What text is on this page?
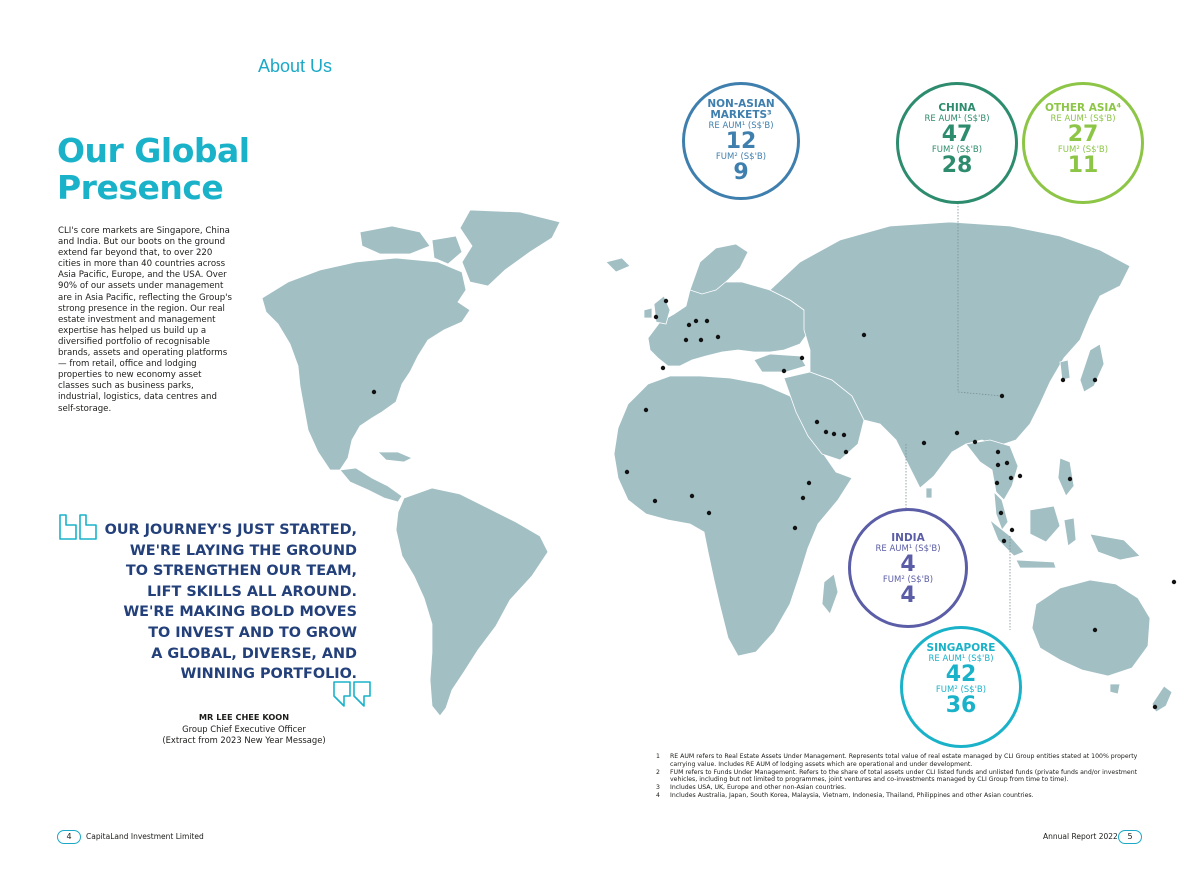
About Us
Our Global
Presence

CLI's core markets are Singapore, China and India. But our boots on the ground extend far beyond that, to over 220 cities in more than 40 countries across Asia Pacific, Europe, and the USA. Over 90% of our assets under management are in Asia Pacific, reflecting the Group's strong presence in the region. Our real estate investment and management expertise has helped us build up a diversified portfolio of recognisable brands, assets and operating platforms — from retail, office and lodging properties to new economy asset classes such as business parks, industrial, logistics, data centres and self-storage.

NON-ASIAN MARKETS³
RE AUM¹ (S$'B)
12
FUM² (S$'B)
9
CHINA
RE AUM¹ (S$'B)
47
FUM² (S$'B)
28
OTHER ASIA⁴
RE AUM¹ (S$'B)
27
FUM² (S$'B)
11
INDIA
RE AUM¹ (S$'B)
4
FUM² (S$'B)
4
SINGAPORE
RE AUM¹ (S$'B)
42
FUM² (S$'B)
36
OUR JOURNEY'S JUST STARTED,
WE'RE LAYING THE GROUND
TO STRENGTHEN OUR TEAM,
LIFT SKILLS ALL AROUND.
WE'RE MAKING BOLD MOVES
TO INVEST AND TO GROW
A GLOBAL, DIVERSE, AND
WINNING PORTFOLIO.
MR LEE CHEE KOON
Group Chief Executive Officer
(Extract from 2023 New Year Message)
1	RE AUM refers to Real Estate Assets Under Management. Represents total value of real estate managed by CLI Group entities stated at 100% property carrying value. Includes RE AUM of lodging assets which are operational and under development.
2	FUM refers to Funds Under Management. Refers to the share of total assets under CLI listed funds and unlisted funds (private funds and/or investment vehicles, including but not limited to programmes, joint ventures and co-investments managed by CLI Group from time to time).
3	Includes USA, UK, Europe and other non-Asian countries.
4	Includes Australia, Japan, South Korea, Malaysia, Vietnam, Indonesia, Thailand, Philippines and other Asian countries.
4	CapitaLand Investment Limited	Annual Report 2022	5
